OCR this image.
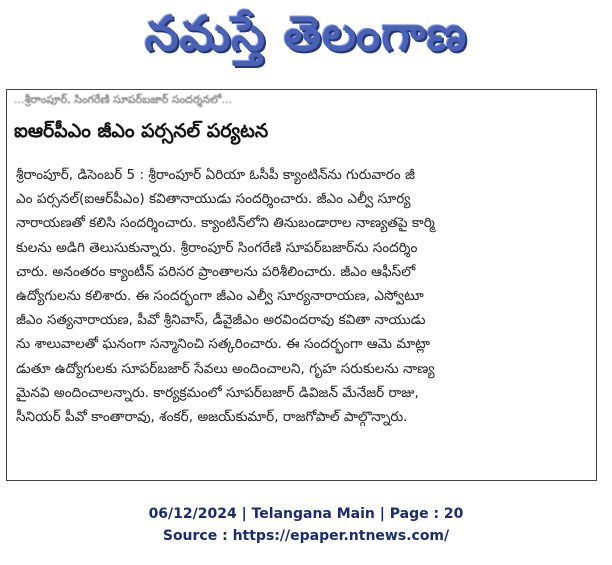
నమస్తే తెలంగాణ
...శ్రీరాంపూర్, సింగరేణి సూపర్‌బజార్ సందర్శనలో...
ఐఆర్‌పీఎం జీఎం పర్సనల్ పర్యటన
శ్రీరాంపూర్, డిసెంబర్ 5 : శ్రీరాంపూర్ ఏరియా ఓసీపీ క్యాంటిన్‌ను గురువారం జీ
ఎం పర్సనల్(ఐఆర్‌పీఎం) కవితానాయుడు సందర్శించారు. జీఎం ఎల్వీ సూర్య
నారాయణతో కలిసి సందర్శించారు. క్యాంటిన్‌లోని తినుబండారాల నాణ్యతపై కార్మి
కులను అడిగి తెలుసుకున్నారు. శ్రీరాంపూర్ సింగరేణి సూపర్‌బజార్‌ను సందర్శిం
చారు. అనంతరం క్యాంటీన్ పరిసర ప్రాంతాలను పరిశీలించారు. జీఎం ఆఫీస్‌లో
ఉద్యోగులను కలిశారు. ఈ సందర్భంగా జీఎం ఎల్వీ సూర్యనారాయణ, ఎస్వోటూ
జీఎం సత్యనారాయణ, పీవో శ్రీనివాస్, డీవైజీఎం అరవిందరావు కవితా నాయుడు
ను శాలువాలతో ఘనంగా సన్మానించి సత్కరించారు. ఈ సందర్భంగా ఆమె మాట్లా
డుతూ ఉద్యోగులకు సూపర్‌బజార్ సేవలు అందించాలని, గృహ సరుకులను నాణ్య
మైనవి అందించాలన్నారు. కార్యక్రమంలో సూపర్‌బజార్ డివిజన్ మేనేజర్ రాజు,
సీనియర్ పీవో కాంతారావు, శంకర్, అజయ్‌కుమార్, రాజగోపాల్ పాల్గొన్నారు.
06/12/2024 | Telangana Main | Page : 20
Source : https://epaper.ntnews.com/
